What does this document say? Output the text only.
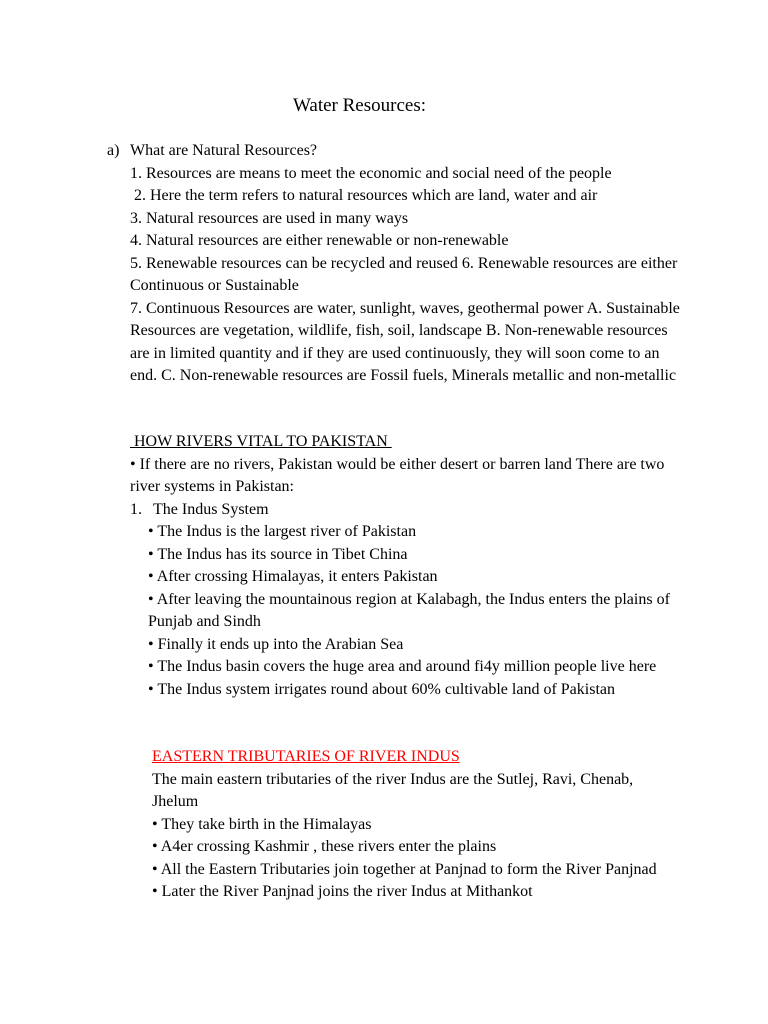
Water Resources:
a) What are Natural Resources?
1. Resources are means to meet the economic and social need of the people
2. Here the term refers to natural resources which are land, water and air
3. Natural resources are used in many ways
4. Natural resources are either renewable or non-renewable
5. Renewable resources can be recycled and reused 6. Renewable resources are either Continuous or Sustainable
7. Continuous Resources are water, sunlight, waves, geothermal power A. Sustainable Resources are vegetation, wildlife, fish, soil, landscape B. Non-renewable resources are in limited quantity and if they are used continuously, they will soon come to an end. C. Non-renewable resources are Fossil fuels, Minerals metallic and non-metallic
HOW RIVERS VITAL TO PAKISTAN
• If there are no rivers, Pakistan would be either desert or barren land There are two river systems in Pakistan:
1. The Indus System
• The Indus is the largest river of Pakistan
• The Indus has its source in Tibet China
• After crossing Himalayas, it enters Pakistan
• After leaving the mountainous region at Kalabagh, the Indus enters the plains of Punjab and Sindh
• Finally it ends up into the Arabian Sea
• The Indus basin covers the huge area and around fi4y million people live here
• The Indus system irrigates round about 60% cultivable land of Pakistan
EASTERN TRIBUTARIES OF RIVER INDUS
The main eastern tributaries of the river Indus are the Sutlej, Ravi, Chenab, Jhelum
• They take birth in the Himalayas
• A4er crossing Kashmir , these rivers enter the plains
• All the Eastern Tributaries join together at Panjnad to form the River Panjnad
• Later the River Panjnad joins the river Indus at Mithankot
